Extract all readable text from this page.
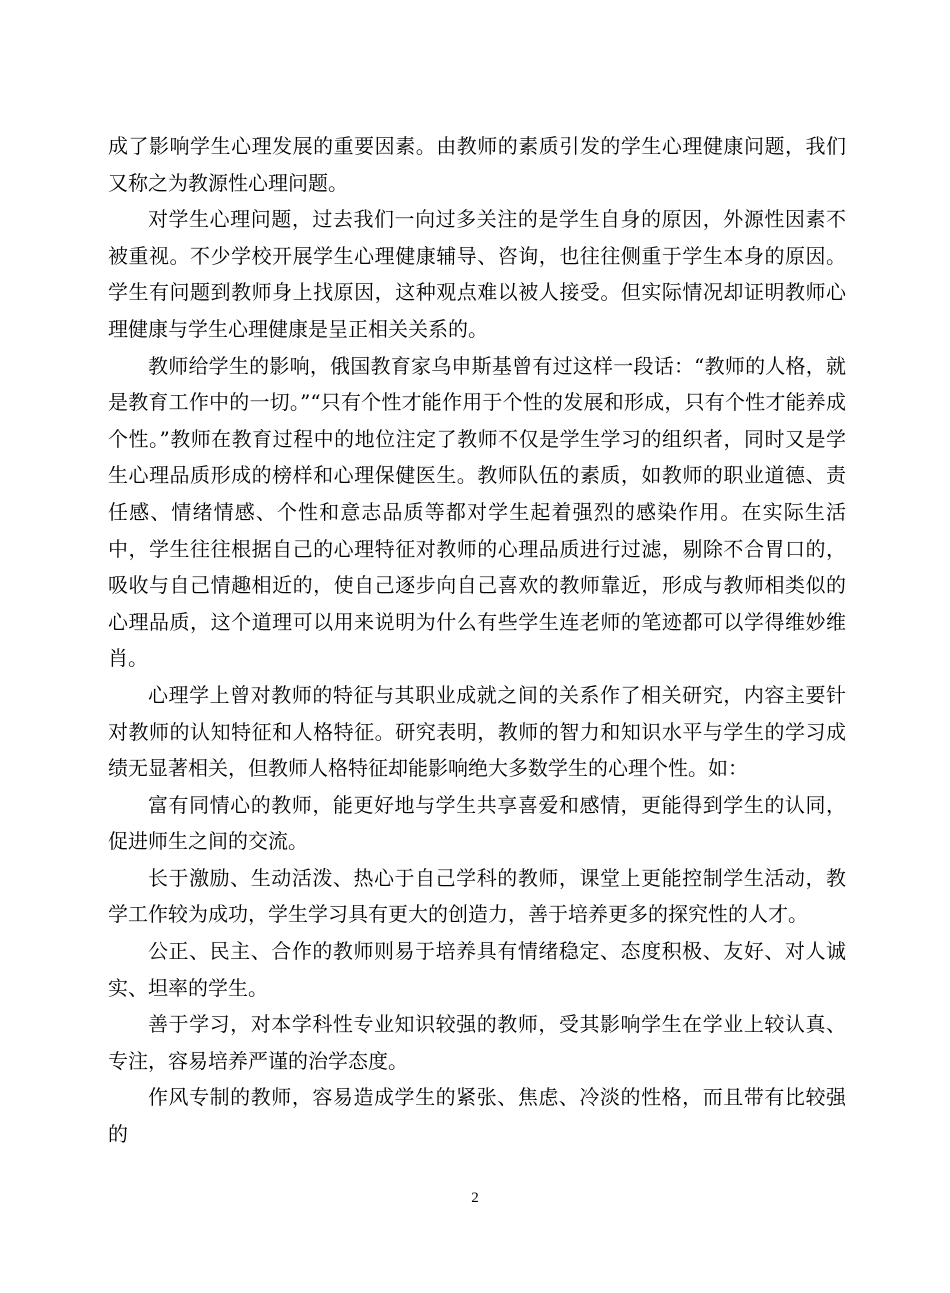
成了影响学生心理发展的重要因素。由教师的素质引发的学生心理健康问题，我们又称之为教源性心理问题。

对学生心理问题，过去我们一向过多关注的是学生自身的原因，外源性因素不被重视。不少学校开展学生心理健康辅导、咨询，也往往侧重于学生本身的原因。学生有问题到教师身上找原因，这种观点难以被人接受。但实际情况却证明教师心理健康与学生心理健康是呈正相关关系的。

教师给学生的影响，俄国教育家乌申斯基曾有过这样一段话：“教师的人格，就是教育工作中的一切。”“只有个性才能作用于个性的发展和形成，只有个性才能养成个性。”教师在教育过程中的地位注定了教师不仅是学生学习的组织者，同时又是学生心理品质形成的榜样和心理保健医生。教师队伍的素质，如教师的职业道德、责任感、情绪情感、个性和意志品质等都对学生起着强烈的感染作用。在实际生活中，学生往往根据自己的心理特征对教师的心理品质进行过滤，剔除不合胃口的，吸收与自己情趣相近的，使自己逐步向自己喜欢的教师靠近，形成与教师相类似的心理品质，这个道理可以用来说明为什么有些学生连老师的笔迹都可以学得维妙维肖。

心理学上曾对教师的特征与其职业成就之间的关系作了相关研究，内容主要针对教师的认知特征和人格特征。研究表明，教师的智力和知识水平与学生的学习成绩无显著相关，但教师人格特征却能影响绝大多数学生的心理个性。如：

富有同情心的教师，能更好地与学生共享喜爱和感情，更能得到学生的认同，促进师生之间的交流。

长于激励、生动活泼、热心于自己学科的教师，课堂上更能控制学生活动，教学工作较为成功，学生学习具有更大的创造力，善于培养更多的探究性的人才。

公正、民主、合作的教师则易于培养具有情绪稳定、态度积极、友好、对人诚实、坦率的学生。

善于学习，对本学科性专业知识较强的教师，受其影响学生在学业上较认真、专注，容易培养严谨的治学态度。

作风专制的教师，容易造成学生的紧张、焦虑、冷淡的性格，而且带有比较强的

2
